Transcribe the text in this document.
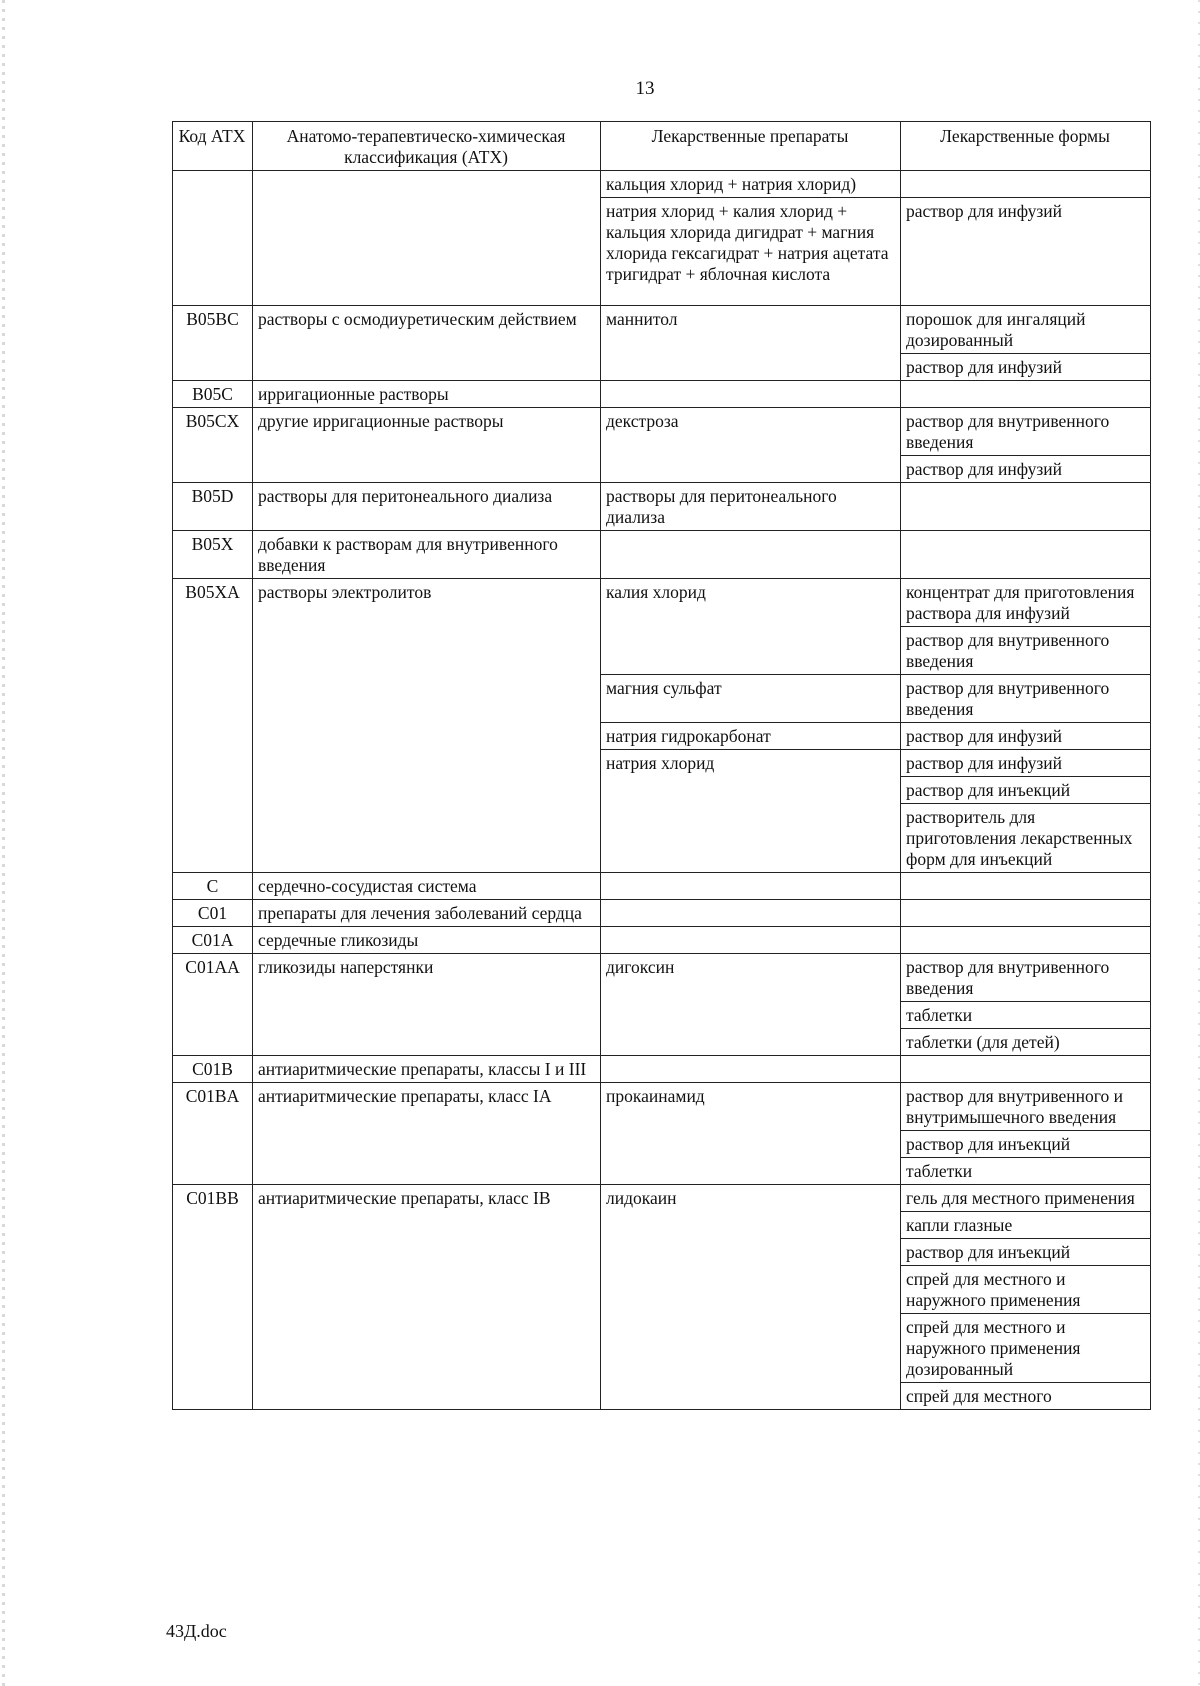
13
Код АТХ	Анатомо-терапевтическо-химическая классификация (АТХ)	Лекарственные препараты	Лекарственные формы
		кальция хлорид + натрия хлорид)	
		натрия хлорид + калия хлорид + кальция хлорида дигидрат + магния хлорида гексагидрат + натрия ацетата тригидрат + яблочная кислота	раствор для инфузий
B05BC	растворы с осмодиуретическим действием	маннитол	порошок для ингаляций дозированный
			раствор для инфузий
B05C	ирригационные растворы		
B05CX	другие ирригационные растворы	декстроза	раствор для внутривенного введения
			раствор для инфузий
B05D	растворы для перитонеального диализа	растворы для перитонеального диализа	
B05X	добавки к растворам для внутривенного введения		
B05XA	растворы электролитов	калия хлорид	концентрат для приготовления раствора для инфузий
			раствор для внутривенного введения
		магния сульфат	раствор для внутривенного введения
		натрия гидрокарбонат	раствор для инфузий
		натрия хлорид	раствор для инфузий
			раствор для инъекций
			растворитель для приготовления лекарственных форм для инъекций
C	сердечно-сосудистая система		
C01	препараты для лечения заболеваний сердца		
C01A	сердечные гликозиды		
C01AA	гликозиды наперстянки	дигоксин	раствор для внутривенного введения
			таблетки
			таблетки (для детей)
C01B	антиаритмические препараты, классы I и III		
C01BA	антиаритмические препараты, класс IA	прокаинамид	раствор для внутривенного и внутримышечного введения
			раствор для инъекций
			таблетки
C01BB	антиаритмические препараты, класс IB	лидокаин	гель для местного применения
			капли глазные
			раствор для инъекций
			спрей для местного и наружного применения
			спрей для местного и наружного применения дозированный
			спрей для местного
43Д.doc
